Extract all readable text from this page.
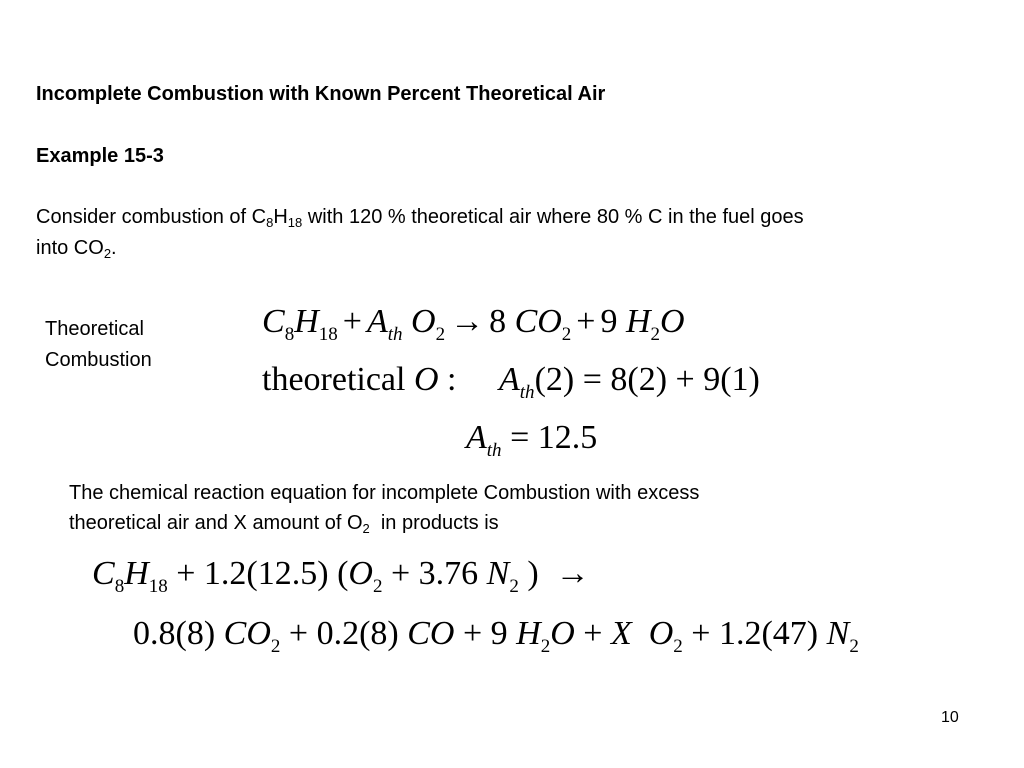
Incomplete Combustion with Known Percent Theoretical Air
Example 15-3
Consider combustion of $C_8H_{18}$ with 120 % theoretical air where 80 % C in the fuel goes
into $CO_2$.
Theoretical
Combustion
$C_8H_{18} + A_{th}$ $O_2 \to 8$ $CO_2 + 9$ $H_2O$
theoretical O : $A_{th}(2) = 8(2) + 9(1)$
$A_{th} = 12.5$
The chemical reaction equation for incomplete Combustion with excess
theoretical air and X amount of $O_2$  in products is
$C_8H_{18} + 1.2(12.5) (O_2 + 3.76$ $N_2$ )  →
0.8(8) $CO_2 + 0.2(8)$ CO + 9 $H_2O + X$ $O_2 + 1.2(47)$ $N_2$
10
